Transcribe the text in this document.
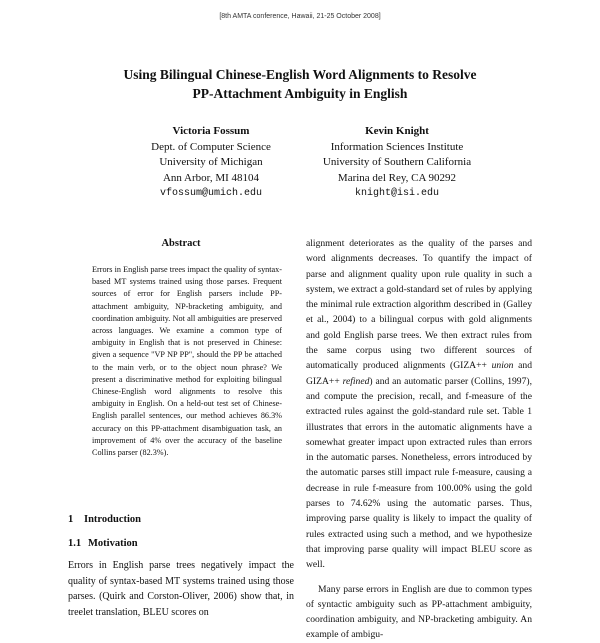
[8th AMTA conference, Hawaii, 21-25 October 2008]
Using Bilingual Chinese-English Word Alignments to Resolve
PP-Attachment Ambiguity in English
Victoria Fossum
Dept. of Computer Science
University of Michigan
Ann Arbor, MI 48104
vfossum@umich.edu
Kevin Knight
Information Sciences Institute
University of Southern California
Marina del Rey, CA 90292
knight@isi.edu
Abstract

Errors in English parse trees impact the quality of syntax-based MT systems trained using those parses. Frequent sources of error for English parsers include PP-attachment ambiguity, NP-bracketing ambiguity, and coordination ambiguity. Not all ambiguities are preserved across languages. We examine a common type of ambiguity in English that is not preserved in Chinese: given a sequence "VP NP PP", should the PP be attached to the main verb, or to the object noun phrase? We present a discriminative method for exploiting bilingual Chinese-English word alignments to resolve this ambiguity in English. On a held-out test set of Chinese-English parallel sentences, our method achieves 86.3% accuracy on this PP-attachment disambiguation task, an improvement of 4% over the accuracy of the baseline Collins parser (82.3%).

1 Introduction
1.1 Motivation

Errors in English parse trees negatively impact the quality of syntax-based MT systems trained using those parses. (Quirk and Corston-Oliver, 2006) show that, in treelet translation, BLEU scores on

alignment deteriorates as the quality of the parses and word alignments decreases. To quantify the impact of parse and alignment quality upon rule quality in such a system, we extract a gold-standard set of rules by applying the minimal rule extraction algorithm described in (Galley et al., 2004) to a bilingual corpus with gold alignments and gold English parse trees. We then extract rules from the same corpus using two different sources of automatically produced alignments (GIZA++ union and GIZA++ refined) and an automatic parser (Collins, 1997), and compute the precision, recall, and f-measure of the extracted rules against the gold-standard rule set. Table 1 illustrates that errors in the automatic alignments have a somewhat greater impact upon extracted rules than errors in the automatic parses. Nonetheless, errors introduced by the automatic parses still impact rule f-measure, causing a decrease in rule f-measure from 100.00% using the gold parses to 74.62% using the automatic parses. Thus, improving parse quality is likely to impact the quality of rules extracted using such a method, and we hypothesize that improving parse quality will impact BLEU score as well.

Many parse errors in English are due to common types of syntactic ambiguity such as PP-attachment ambiguity, coordination ambiguity, and NP-bracketing ambiguity. An example of ambigu-
